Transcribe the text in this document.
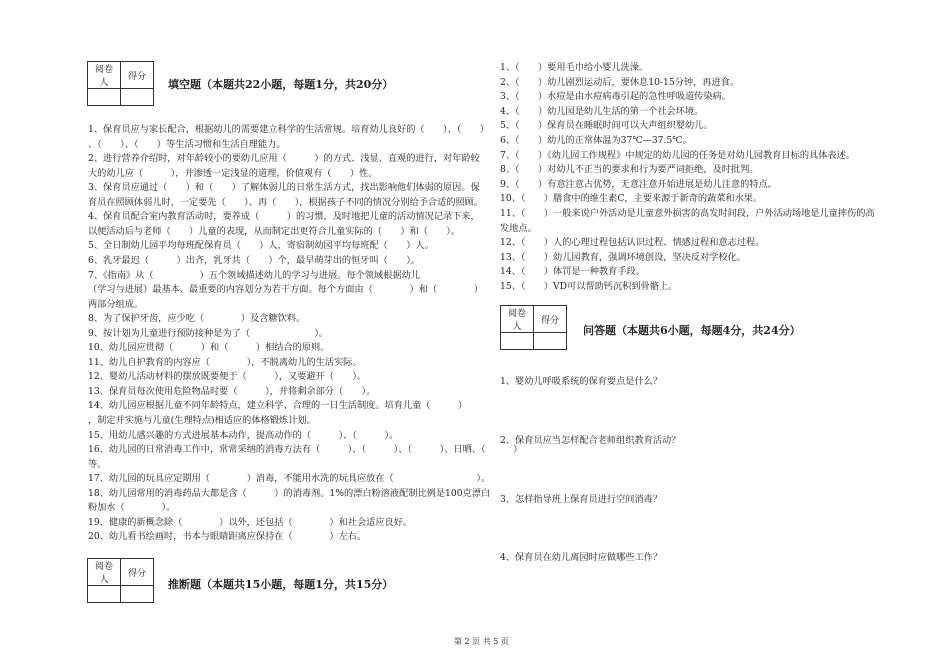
阅卷人	得分

填空题（本题共22小题，每题1分，共20分）
1、保育员应与家长配合，根据幼儿的需要建立科学的生活常规。培育幼儿良好的（　　）、（　　）
、（　　）、（　　）等生活习惯和生活自理能力。
2、进行营养介绍时，对年龄较小的要幼儿应用（　　　）的方式、浅显、直观的进行，对年龄较
大的幼儿应（　　　），并渗透一定浅显的道理，价值观有（　　）性。
3、保育员应通过（　　）和（　　）了解体弱儿的日常生活方式，找出影响他们体弱的原因。保
育员在照顾体弱儿时，一定要先（　　）、再（　　），根据孩子不同的情况分别给予合适的照顾。
4、保育员配合室内教育活动时，要养成（　　　）的习惯，及时地把儿童的活动情况记录下来，
以便活动后与老师（　　）儿童的表现，从而制定出更符合儿童实际的（　　）和（　　）。
5、全日制幼儿园平均每班配保育员（　　）人，寄宿制幼园平均每班配（　　）人。
6、乳牙最迟（　　　）出齐，乳牙共（　　）个，最早萌芽出的恒牙叫（　　）。
7、《指南》从（　　　　　）五个领域描述幼儿的学习与进展。每个领域根据幼儿
（学习与进展）最基本、最重要的内容划分为若干方面。每个方面由（　　　　）和（　　　　）
两部分组成。
8、为了保护牙齿，应少吃（　　　　）及含糖饮料。
9、按计划为儿童进行预防接种是为了（　　　　　　　）。
10、幼儿园应贯彻（　　　）和（　　　）相结合的原则。
11、幼儿自护教育的内容应（　　　　），不脱离幼儿的生活实际。
12、婴幼儿活动材料的摆放既要便于（　　　），又要避开（　　）。
13、保育员每次使用危险物品时要（　　　），并将剩余部分（　　）。
14、幼儿园应根据儿童不同年龄特点，建立科学、合理的一日生活制度。培育儿童（　　　）
，制定并实施与儿童(生理特点)相适应的体格锻炼计划。
15、用幼儿感兴趣的方式进展基本动作，提高动作的（　　　）、（　　　）。
16、幼儿园的日常消毒工作中，常常采纳的消毒方法有（　　　）、（　　　）、（　　　）、日晒、（　　　）
等。
17、幼儿园的玩具应定期用（　　　　）消毒，不能用水洗的玩具应放在（　　　　　　　　　）。
18、幼儿园常用的消毒药品大都是含（　　　）的消毒剂。1%的漂白粉溶液配制比例是100克漂白
粉加水（　　　　）。
19、健康的新概念除（　　　　）以外，还包括（　　　　）和社会适应良好。
20、幼儿看书绘画时，书本与眼睛距离应保持在（　　　　）左右。
阅卷人	得分

推断题（本题共15小题，每题1分，共15分）
1、（　　）要用毛巾给小婴儿洗澡。
2、（　　）幼儿剧烈运动后，要休息10-15分钟，再进食。
3、（　　）水痘是由水痘病毒引起的急性呼吸道传染病。
4、（　　）幼儿园是幼儿生活的第一个社会环境。
5、（　　）保育员在睡眠时间可以大声组织婴幼儿。
6、（　　）幼儿的正常体温为37℃—37.5℃。
7、（　　）《幼儿园工作规程》中规定的幼儿园的任务是对幼儿园教育目标的具体表述。
8、（　　）对幼儿不正当的要求和行为要严词拒绝，及时批判。
9、（　　）有意注意占优势，无意注意开始进展是幼儿注意的特点。
10、（　　）膳食中的维生素C，主要来源于新奇的蔬菜和水果。
11、（　　）一般来说户外活动是儿童意外损害的高发时间段，户外活动场地是儿童摔伤的高
发地点。
12、（　　）人的心理过程包括认识过程、情感过程和意志过程。
13、（　　）幼儿园教育，强调环境创设，坚决反对学校化。
14、（　　）体罚是一种教育手段。
15、（　　）VD可以帮助钙沉积到骨骼上。
阅卷人	得分

问答题（本题共6小题，每题4分，共24分）
1、婴幼儿呼吸系统的保育要点是什么？
2、保育员应当怎样配合老师组织教育活动？
3、怎样指导班上保育员进行空间消毒？
4、保育员在幼儿离园时应做哪些工作？
第 2 页 共 5 页
